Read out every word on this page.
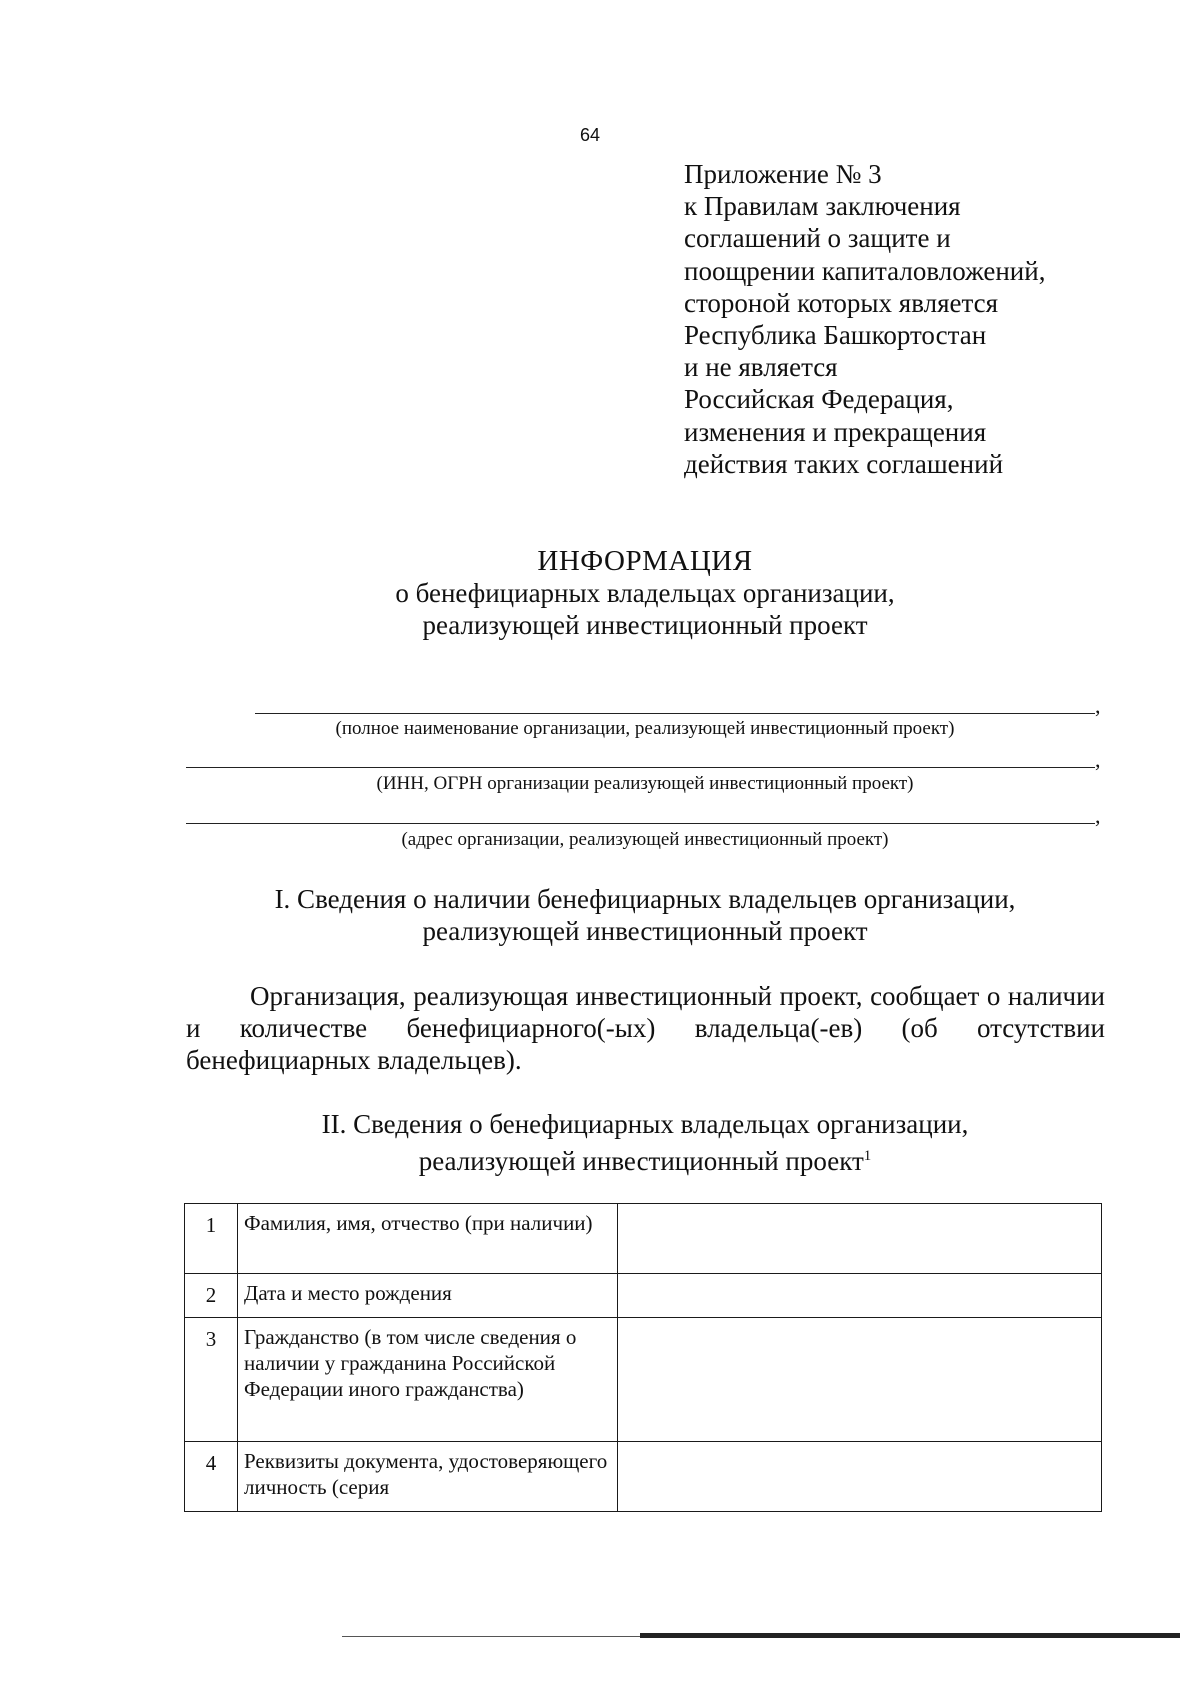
64
Приложение № 3
к Правилам заключения
соглашений о защите и
поощрении капиталовложений,
стороной которых является
Республика Башкортостан
и не является
Российская Федерация,
изменения и прекращения
действия таких соглашений
ИНФОРМАЦИЯ
о бенефициарных владельцах организации,
реализующей инвестиционный проект
,
(полное наименование организации, реализующей инвестиционный проект)
,
(ИНН, ОГРН организации реализующей инвестиционный проект)
,
(адрес организации, реализующей инвестиционный проект)
I. Сведения о наличии бенефициарных владельцев организации,
реализующей инвестиционный проект
Организация, реализующая инвестиционный проект, сообщает о наличии и количестве бенефициарного(-ых) владельца(-ев) (об отсутствии бенефициарных владельцев).
II. Сведения о бенефициарных владельцах организации,
реализующей инвестиционный проект$^1$
1	Фамилия, имя, отчество (при наличии)	
2	Дата и место рождения	
3	Гражданство (в том числе сведения о наличии у гражданина Российской Федерации иного гражданства)	
4	Реквизиты документа, удостоверяющего личность (серия	
